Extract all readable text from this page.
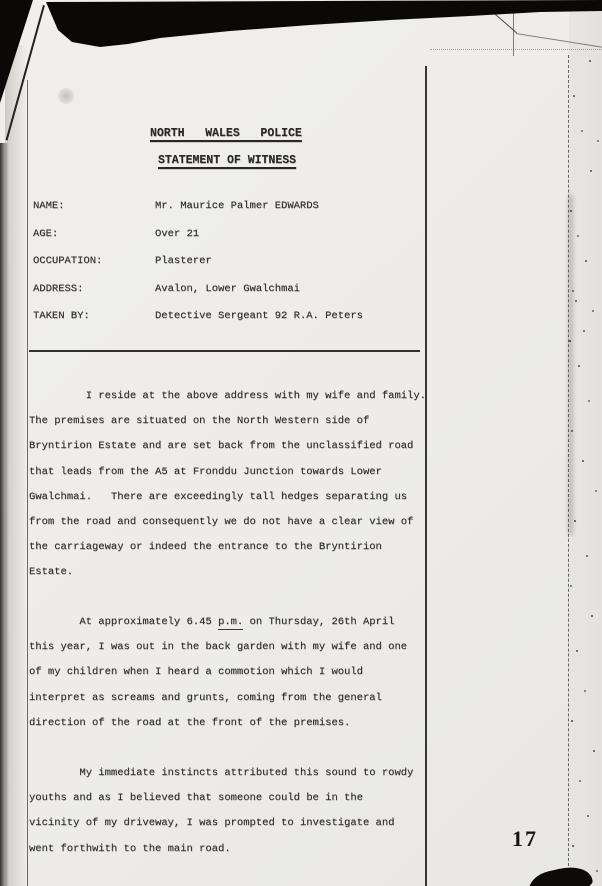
NORTH   WALES   POLICE
STATEMENT OF WITNESS
NAME:	Mr. Maurice Palmer EDWARDS
AGE:	Over 21
OCCUPATION:	Plasterer
ADDRESS:	Avalon, Lower Gwalchmai
TAKEN BY:	Detective Sergeant 92 R.A. Peters
I reside at the above address with my wife and family.
The premises are situated on the North Western side of
Bryntirion Estate and are set back from the unclassified road
that leads from the A5 at Fronddu Junction towards Lower
Gwalchmai.   There are exceedingly tall hedges separating us
from the road and consequently we do not have a clear view of
the carriageway or indeed the entrance to the Bryntirion
Estate.
At approximately 6.45 p.m. on Thursday, 26th April
this year, I was out in the back garden with my wife and one
of my children when I heard a commotion which I would
interpret as screams and grunts, coming from the general
direction of the road at the front of the premises.
My immediate instincts attributed this sound to rowdy
youths and as I believed that someone could be in the
vicinity of my driveway, I was prompted to investigate and
went forthwith to the main road.	17
